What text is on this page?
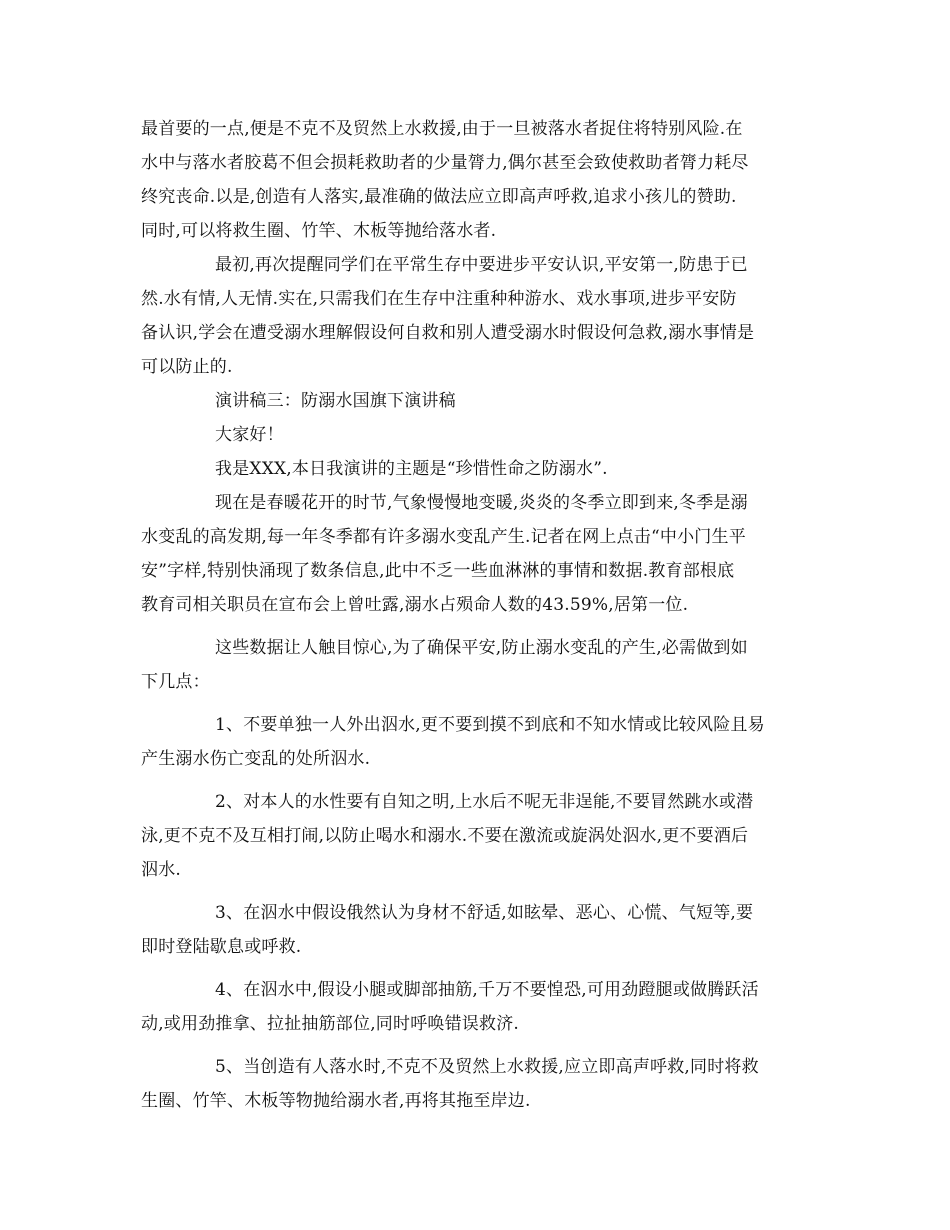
最首要的一点,便是不克不及贸然上水救援,由于一旦被落水者捉住将特别风险.在
水中与落水者胶葛不但会损耗救助者的少量膂力,偶尔甚至会致使救助者膂力耗尽
终究丧命.以是,创造有人落实,最准确的做法应立即高声呼救,追求小孩儿的赞助.
同时,可以将救生圈、竹竿、木板等抛给落水者.
最初,再次提醒同学们在平常生存中要进步平安认识,平安第一,防患于已
然.水有情,人无情.实在,只需我们在生存中注重种种游水、戏水事项,进步平安防
备认识,学会在遭受溺水理解假设何自救和别人遭受溺水时假设何急救,溺水事情是
可以防止的.
演讲稿三：防溺水国旗下演讲稿
大家好！
我是XXX,本日我演讲的主题是“珍惜性命之防溺水”.
现在是春暖花开的时节,气象慢慢地变暖,炎炎的冬季立即到来,冬季是溺
水变乱的高发期,每一年冬季都有许多溺水变乱产生.记者在网上点击“中小门生平
安”字样,特别快涌现了数条信息,此中不乏一些血淋淋的事情和数据.教育部根底
教育司相关职员在宣布会上曾吐露,溺水占殒命人数的43.59%,居第一位.
这些数据让人触目惊心,为了确保平安,防止溺水变乱的产生,必需做到如
下几点：
1、不要单独一人外出泅水,更不要到摸不到底和不知水情或比较风险且易
产生溺水伤亡变乱的处所泅水.
2、对本人的水性要有自知之明,上水后不呢无非逞能,不要冒然跳水或潜
泳,更不克不及互相打闹,以防止喝水和溺水.不要在激流或旋涡处泅水,更不要酒后
泅水.
3、在泅水中假设俄然认为身材不舒适,如眩晕、恶心、心慌、气短等,要
即时登陆歇息或呼救.
4、在泅水中,假设小腿或脚部抽筋,千万不要惶恐,可用劲蹬腿或做腾跃活
动,或用劲推拿、拉扯抽筋部位,同时呼唤错误救济.
5、当创造有人落水时,不克不及贸然上水救援,应立即高声呼救,同时将救
生圈、竹竿、木板等物抛给溺水者,再将其拖至岸边.
